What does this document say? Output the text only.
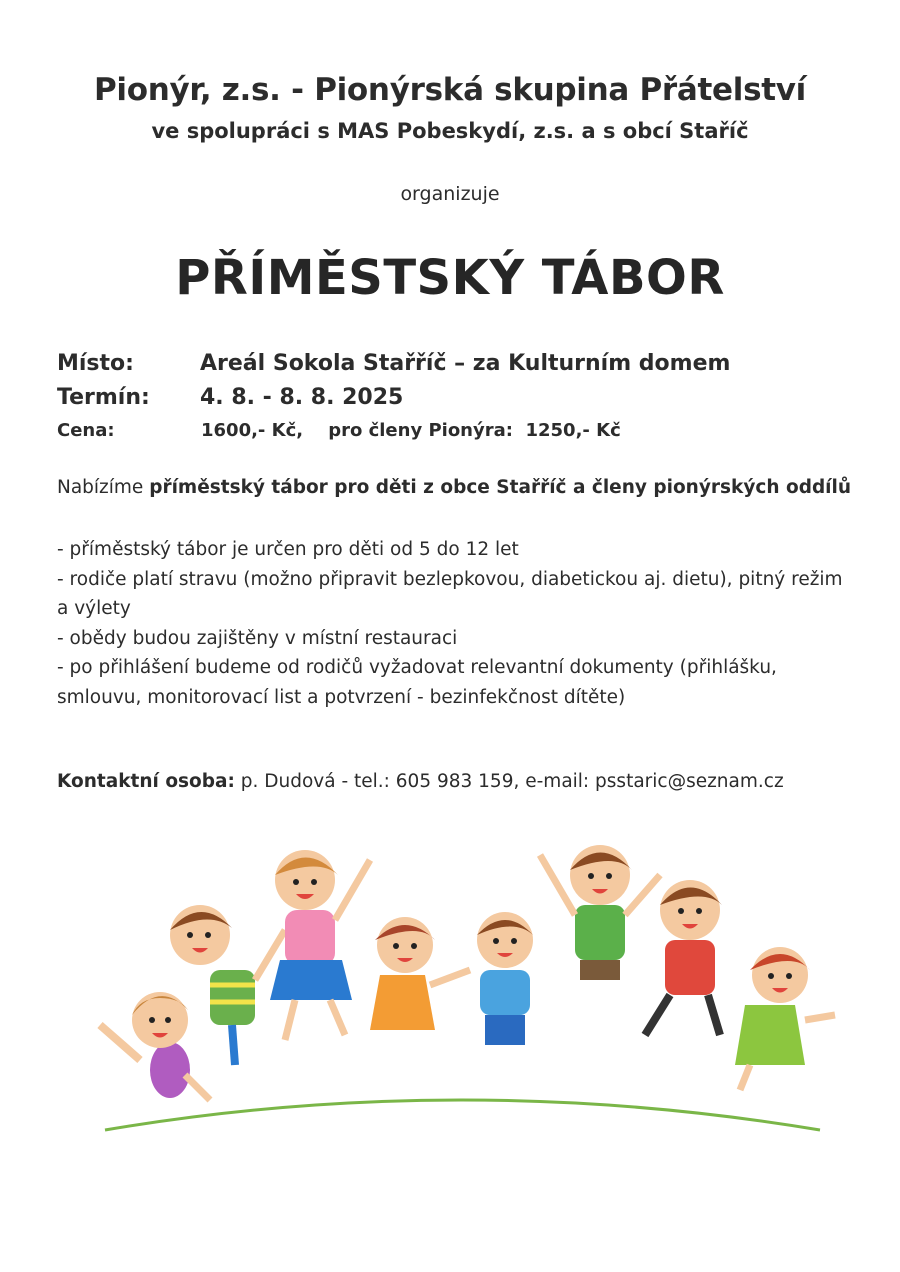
Pionýr, z.s. - Pionýrská skupina Přátelství
ve spolupráci s MAS Pobeskydí, z.s. a s obcí Staříč
organizuje
PŘÍMĚSTSKÝ TÁBOR
Místo:	Areál Sokola Stařříč – za Kulturním domem
Termín: 4. 8. - 8. 8. 2025
Cena:	1600,- Kč,    pro členy Pionýra:  1250,- Kč
Nabízíme příměstský tábor pro děti z obce Stařříč a členy pionýrských oddílů
- příměstský tábor je určen pro děti od 5 do 12 let
- rodiče platí stravu (možno připravit bezlepkovou, diabetickou aj. dietu), pitný režim a výlety
- obědy budou zajištěny v místní restauraci
- po přihlášení budeme od rodičů vyžadovat relevantní dokumenty (přihlášku, smlouvu, monitorovací list a potvrzení - bezinfekčnost dítěte)
Kontaktní osoba: p. Dudová - tel.: 605 983 159, e-mail: psstaric@seznam.cz
